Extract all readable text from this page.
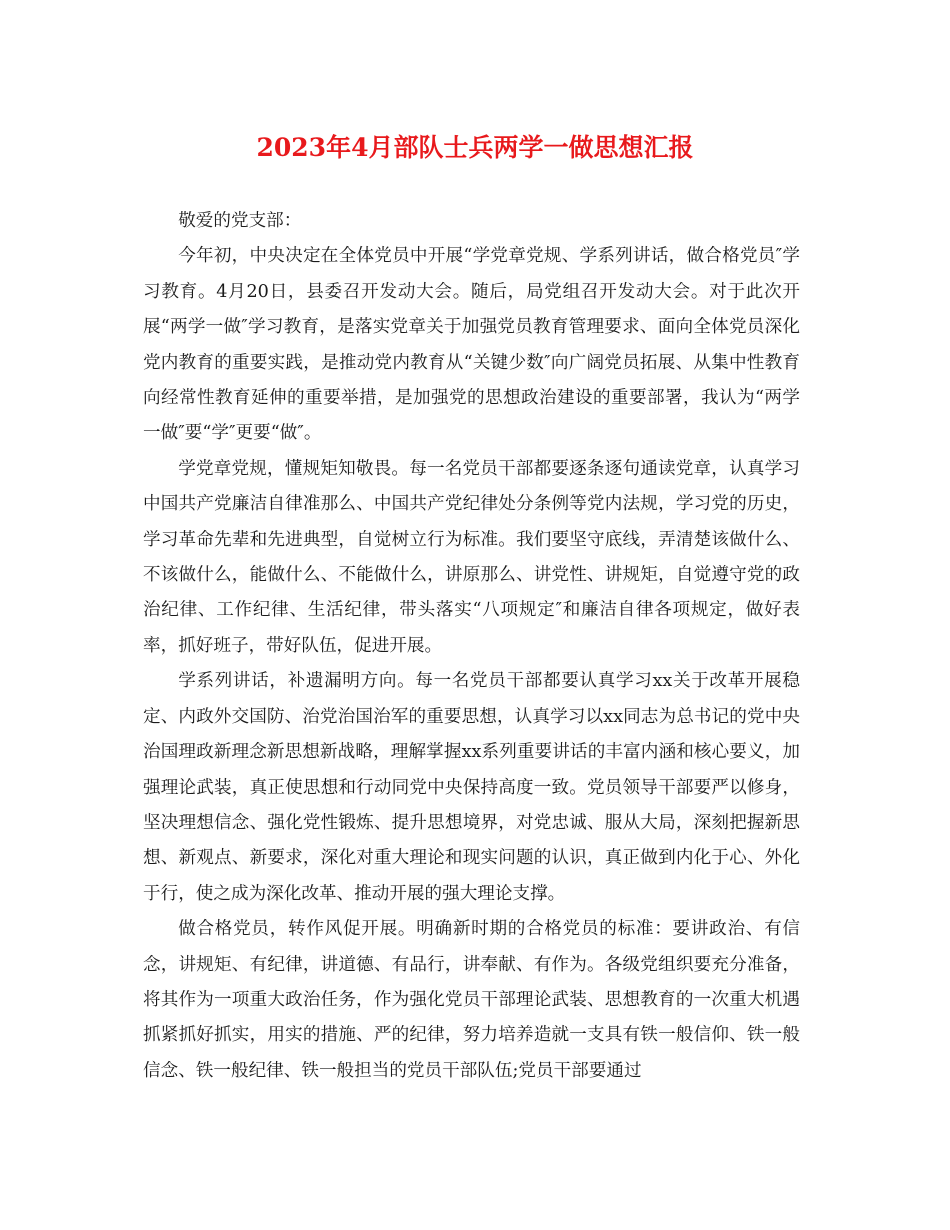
2023年4月部队士兵两学一做思想汇报

敬爱的党支部：

今年初，中央决定在全体党员中开展“学党章党规、学系列讲话，做合格党员″学习教育。4月20日，县委召开发动大会。随后，局党组召开发动大会。对于此次开展“两学一做″学习教育，是落实党章关于加强党员教育管理要求、面向全体党员深化党内教育的重要实践，是推动党内教育从“关键少数″向广阔党员拓展、从集中性教育向经常性教育延伸的重要举措，是加强党的思想政治建设的重要部署，我认为“两学一做″要“学″更要“做″。

学党章党规，懂规矩知敬畏。每一名党员干部都要逐条逐句通读党章，认真学习中国共产党廉洁自律准那么、中国共产党纪律处分条例等党内法规，学习党的历史，学习革命先辈和先进典型，自觉树立行为标准。我们要坚守底线，弄清楚该做什么、不该做什么，能做什么、不能做什么，讲原那么、讲党性、讲规矩，自觉遵守党的政治纪律、工作纪律、生活纪律，带头落实“八项规定″和廉洁自律各项规定，做好表率，抓好班子，带好队伍，促进开展。

学系列讲话，补遗漏明方向。每一名党员干部都要认真学习xx关于改革开展稳定、内政外交国防、治党治国治军的重要思想，认真学习以xx同志为总书记的党中央治国理政新理念新思想新战略，理解掌握xx系列重要讲话的丰富内涵和核心要义，加强理论武装，真正使思想和行动同党中央保持高度一致。党员领导干部要严以修身，坚决理想信念、强化党性锻炼、提升思想境界，对党忠诚、服从大局，深刻把握新思想、新观点、新要求，深化对重大理论和现实问题的认识，真正做到内化于心、外化于行，使之成为深化改革、推动开展的强大理论支撑。

做合格党员，转作风促开展。明确新时期的合格党员的标准：要讲政治、有信念，讲规矩、有纪律，讲道德、有品行，讲奉献、有作为。各级党组织要充分准备，将其作为一项重大政治任务，作为强化党员干部理论武装、思想教育的一次重大机遇抓紧抓好抓实，用实的措施、严的纪律，努力培养造就一支具有铁一般信仰、铁一般信念、铁一般纪律、铁一般担当的党员干部队伍;党员干部要通过
